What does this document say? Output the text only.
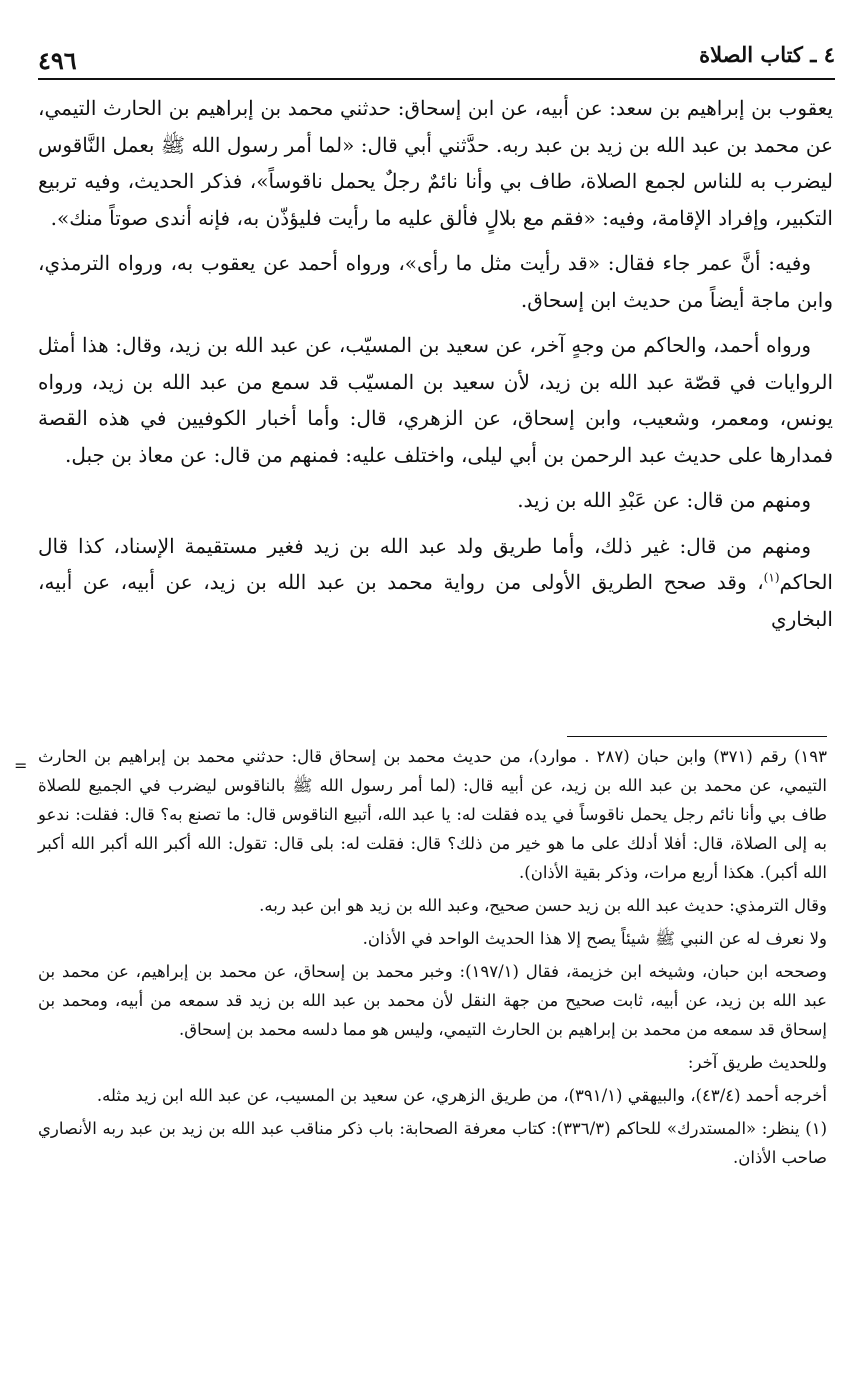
٤ ـ كتاب الصلاة
٤٩٦

يعقوب بن إبراهيم بن سعد: عن أبيه، عن ابن إسحاق: حدثني محمد بن إبراهيم بن الحارث التيمي، عن محمد بن عبد الله بن زيد بن عبد ربه. حدَّثني أبي قال: «لما أمر رسول الله ﷺ بعمل النَّاقوس ليضرب به للناس لجمع الصلاة، طاف بي وأنا نائمٌ رجلٌ يحمل ناقوساً»، فذكر الحديث، وفيه تربيع التكبير، وإفراد الإقامة، وفيه: «فقم مع بلالٍ فألق عليه ما رأيت فليؤذّن به، فإنه أندى صوتاً منك».

وفيه: أنَّ عمر جاء فقال: «قد رأيت مثل ما رأى»، ورواه أحمد عن يعقوب به، ورواه الترمذي، وابن ماجة أيضاً من حديث ابن إسحاق.

ورواه أحمد، والحاكم من وجهٍ آخر، عن سعيد بن المسيّب، عن عبد الله بن زيد، وقال: هذا أمثل الروايات في قصّة عبد الله بن زيد، لأن سعيد بن المسيّب قد سمع من عبد الله بن زيد، ورواه يونس، ومعمر، وشعيب، وابن إسحاق، عن الزهري، قال: وأما أخبار الكوفيين في هذه القصة فمدارها على حديث عبد الرحمن بن أبي ليلى، واختلف عليه: فمنهم من قال: عن معاذ بن جبل.

ومنهم من قال: عن عَبْدِ الله بن زيد.

ومنهم من قال: غير ذلك، وأما طريق ولد عبد الله بن زيد فغير مستقيمة الإسناد، كذا قال الحاكم$^{(١)}$، وقد صحح الطريق الأولى من رواية محمد بن عبد الله بن زيد، عن أبيه، عن أبيه، البخاري

= ١٩٣) رقم (٣٧١) وابن حبان (٢٨٧ . موارد)، من حديث محمد بن إسحاق قال: حدثني محمد بن إبراهيم بن الحارث التيمي، عن محمد بن عبد الله بن زيد، عن أبيه قال: (لما أمر رسول الله ﷺ بالناقوس ليضرب في الجميع للصلاة طاف بي وأنا نائم رجل يحمل ناقوساً في يده فقلت له: يا عبد الله، أتبيع الناقوس قال: ما تصنع به؟ قال: فقلت: ندعو به إلى الصلاة، قال: أفلا أدلك على ما هو خير من ذلك؟ قال: فقلت له: بلى قال: تقول: الله أكبر الله أكبر الله أكبر الله أكبر). هكذا أربع مرات، وذكر بقية الأذان).

وقال الترمذي: حديث عبد الله بن زيد حسن صحيح، وعبد الله بن زيد هو ابن عبد ربه.

ولا نعرف له عن النبي ﷺ شيئاً يصح إلا هذا الحديث الواحد في الأذان.

وصححه ابن حبان، وشيخه ابن خزيمة، فقال (١٩٧/١): وخبر محمد بن إسحاق، عن محمد بن إبراهيم، عن محمد بن عبد الله بن زيد، عن أبيه، ثابت صحيح من جهة النقل لأن محمد بن عبد الله بن زيد قد سمعه من أبيه، ومحمد بن إسحاق قد سمعه من محمد بن إبراهيم بن الحارث التيمي، وليس هو مما دلسه محمد بن إسحاق.

وللحديث طريق آخر:

أخرجه أحمد (٤٣/٤)، والبيهقي (٣٩١/١)، من طريق الزهري، عن سعيد بن المسيب، عن عبد الله ابن زيد مثله.

(١) ينظر: «المستدرك» للحاكم (٣٣٦/٣): كتاب معرفة الصحابة: باب ذكر مناقب عبد الله بن زيد بن عبد ربه الأنصاري صاحب الأذان.
